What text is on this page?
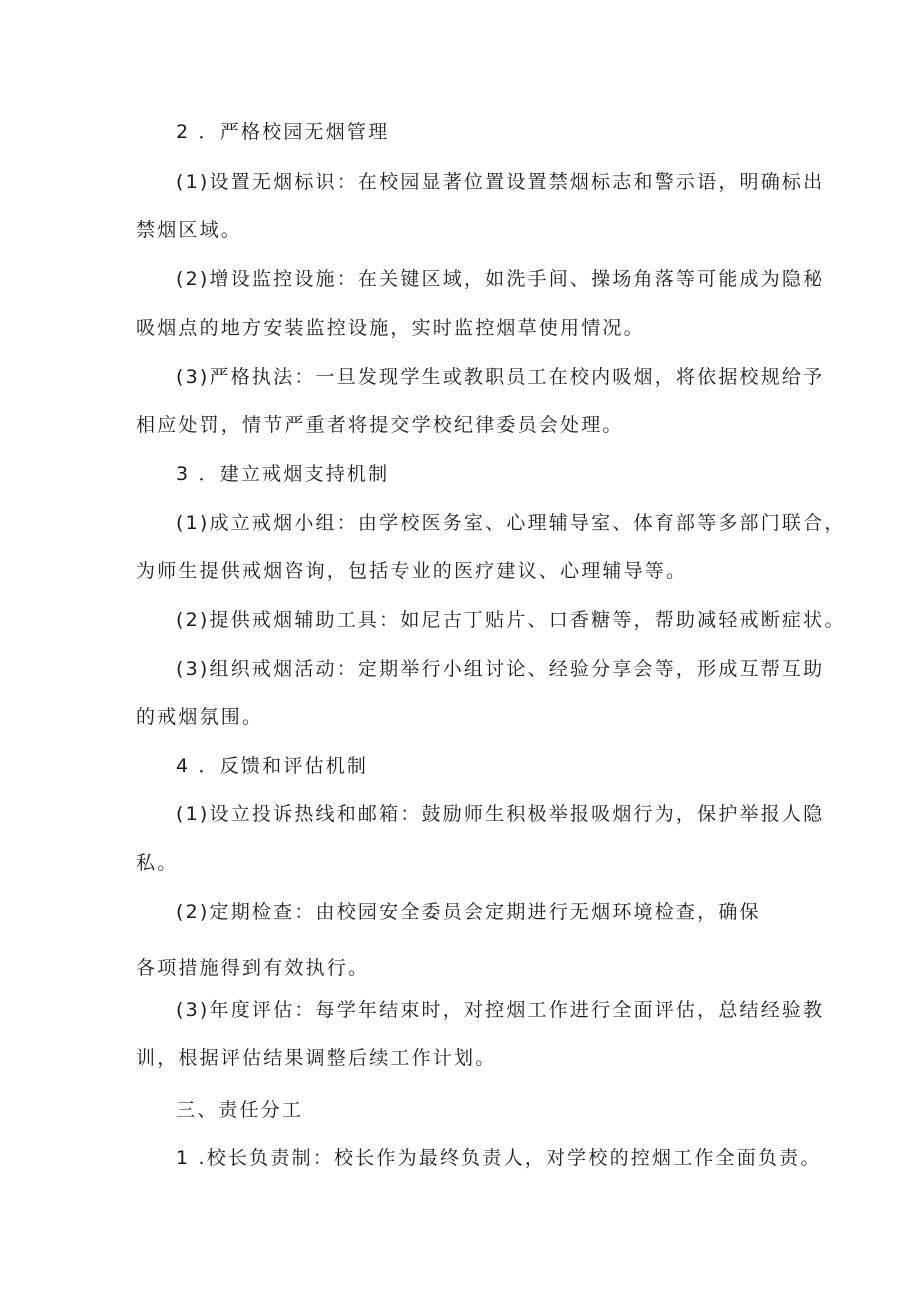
2 ．严格校园无烟管理

(1)设置无烟标识：在校园显著位置设置禁烟标志和警示语，明确标出

禁烟区域。

(2)增设监控设施：在关键区域，如洗手间、操场角落等可能成为隐秘

吸烟点的地方安装监控设施，实时监控烟草使用情况。

(3)严格执法：一旦发现学生或教职员工在校内吸烟，将依据校规给予

相应处罚，情节严重者将提交学校纪律委员会处理。

3 ．建立戒烟支持机制

(1)成立戒烟小组：由学校医务室、心理辅导室、体育部等多部门联合，

为师生提供戒烟咨询，包括专业的医疗建议、心理辅导等。

(2)提供戒烟辅助工具：如尼古丁贴片、口香糖等，帮助减轻戒断症状。

(3)组织戒烟活动：定期举行小组讨论、经验分享会等，形成互帮互助

的戒烟氛围。

4 ．反馈和评估机制

(1)设立投诉热线和邮箱：鼓励师生积极举报吸烟行为，保护举报人隐

私。

(2)定期检查：由校园安全委员会定期进行无烟环境检查，确保

各项措施得到有效执行。

(3)年度评估：每学年结束时，对控烟工作进行全面评估，总结经验教

训，根据评估结果调整后续工作计划。

三、责任分工

1 .校长负责制：校长作为最终负责人，对学校的控烟工作全面负责。
